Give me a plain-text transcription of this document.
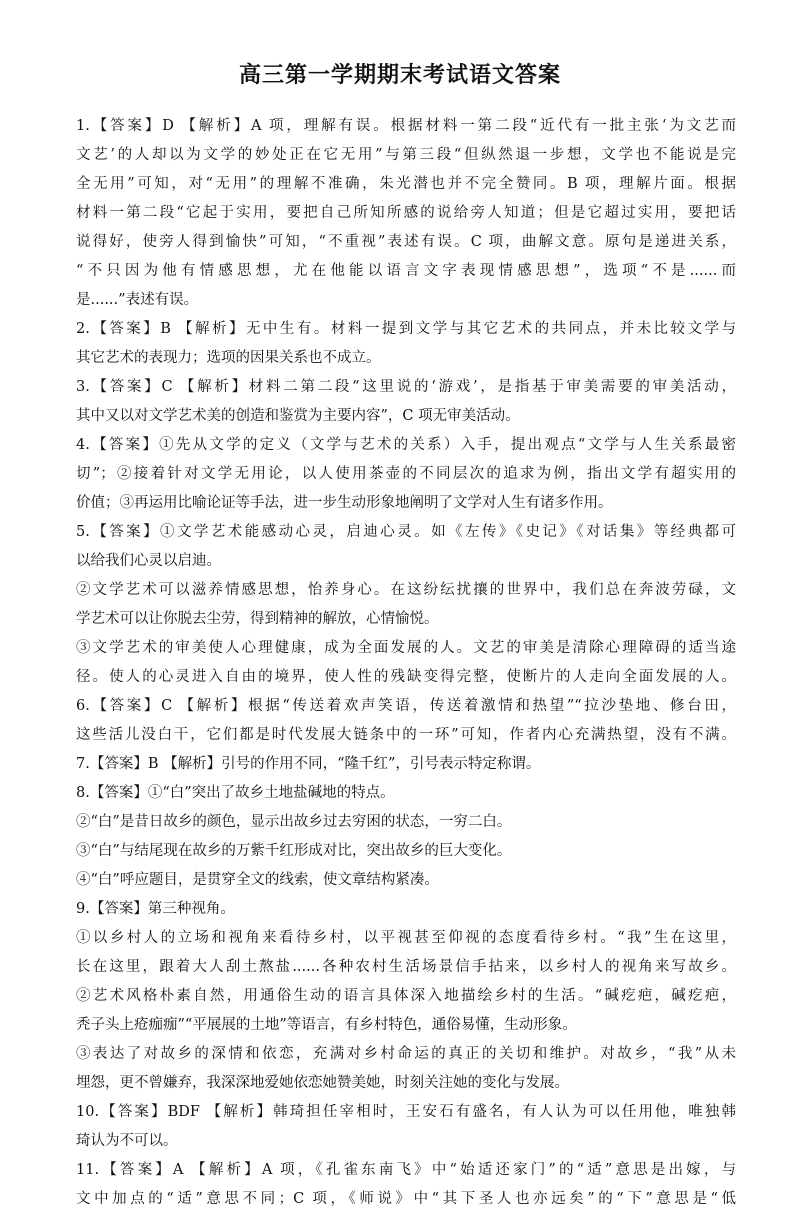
高三第一学期期末考试语文答案
1.【答案】D 【解析】A 项，理解有误。根据材料一第二段“近代有一批主张‘为文艺而
文艺’的人却以为文学的妙处正在它无用”与第三段“但纵然退一步想，文学也不能说是完
全无用”可知，对“无用”的理解不准确，朱光潜也并不完全赞同。B 项，理解片面。根据
材料一第二段“它起于实用，要把自己所知所感的说给旁人知道；但是它超过实用，要把话
说得好，使旁人得到愉快”可知，“不重视”表述有误。C 项，曲解文意。原句是递进关系，
“不只因为他有情感思想，尤在他能以语言文字表现情感思想”，选项“不是......而
是......”表述有误。
2.【答案】B 【解析】无中生有。材料一提到文学与其它艺术的共同点，并未比较文学与
其它艺术的表现力；选项的因果关系也不成立。
3.【答案】C 【解析】材料二第二段“这里说的‘游戏’，是指基于审美需要的审美活动，
其中又以对文学艺术美的创造和鉴赏为主要内容”，C 项无审美活动。
4.【答案】①先从文学的定义（文学与艺术的关系）入手，提出观点“文学与人生关系最密
切”；②接着针对文学无用论，以人使用茶壶的不同层次的追求为例，指出文学有超实用的
价值；③再运用比喻论证等手法，进一步生动形象地阐明了文学对人生有诸多作用。
5.【答案】①文学艺术能感动心灵，启迪心灵。如《左传》《史记》《对话集》等经典都可
以给我们心灵以启迪。
②文学艺术可以滋养情感思想，怡养身心。在这纷纭扰攘的世界中，我们总在奔波劳碌，文
学艺术可以让你脱去尘劳，得到精神的解放，心情愉悦。
③文学艺术的审美使人心理健康，成为全面发展的人。文艺的审美是清除心理障碍的适当途
径。使人的心灵进入自由的境界，使人性的残缺变得完整，使断片的人走向全面发展的人。
6.【答案】C 【解析】根据“传送着欢声笑语，传送着激情和热望”“拉沙垫地、修台田，
这些活儿没白干，它们都是时代发展大链条中的一环”可知，作者内心充满热望，没有不满。
7.【答案】B 【解析】引号的作用不同，“隆千红”，引号表示特定称谓。
8.【答案】①“白”突出了故乡土地盐碱地的特点。
②“白”是昔日故乡的颜色，显示出故乡过去穷困的状态，一穷二白。
③“白”与结尾现在故乡的万紫千红形成对比，突出故乡的巨大变化。
④“白”呼应题目，是贯穿全文的线索，使文章结构紧凑。
9.【答案】第三种视角。
①以乡村人的立场和视角来看待乡村，以平视甚至仰视的态度看待乡村。“我”生在这里，
长在这里，跟着大人刮土熬盐......各种农村生活场景信手拈来，以乡村人的视角来写故乡。
②艺术风格朴素自然，用通俗生动的语言具体深入地描绘乡村的生活。“碱疙疤，碱疙疤，
秃子头上疮痂痂”“平展展的土地”等语言，有乡村特色，通俗易懂，生动形象。
③表达了对故乡的深情和依恋，充满对乡村命运的真正的关切和维护。对故乡，“我”从未
埋怨，更不曾嫌弃，我深深地爱她依恋她赞美她，时刻关注她的变化与发展。
10.【答案】BDF 【解析】韩琦担任宰相时，王安石有盛名，有人认为可以任用他，唯独韩
琦认为不可以。
11.【答案】A 【解析】A 项，《孔雀东南飞》中“始适还家门”的“适”意思是出嫁，与
文中加点的“适”意思不同；C 项，《师说》中“其下圣人也亦远矣”的“下”意思是“低
